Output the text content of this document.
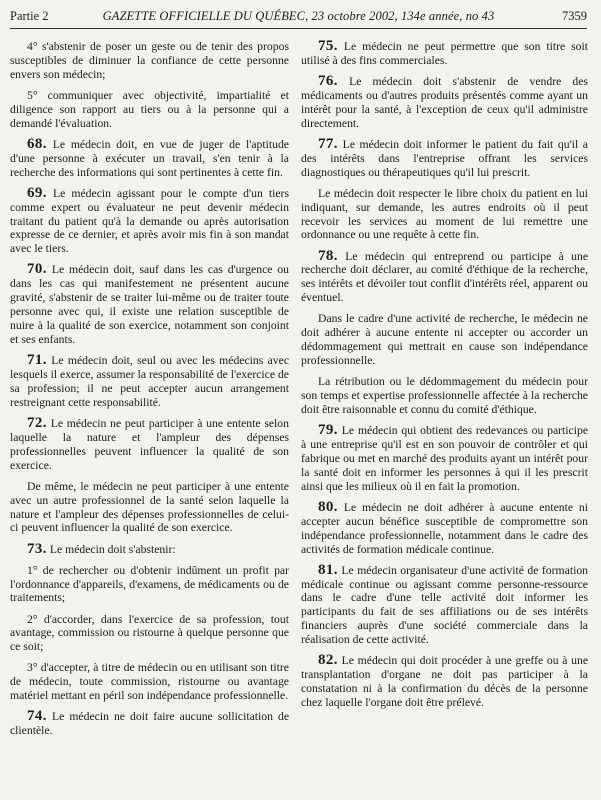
Partie 2	GAZETTE OFFICIELLE DU QUÉBEC, 23 octobre 2002, 134e année, no 43	7359

4° s'abstenir de poser un geste ou de tenir des propos susceptibles de diminuer la confiance de cette personne envers son médecin;

5° communiquer avec objectivité, impartialité et diligence son rapport au tiers ou à la personne qui a demandé l'évaluation.

68. Le médecin doit, en vue de juger de l'aptitude d'une personne à exécuter un travail, s'en tenir à la recherche des informations qui sont pertinentes à cette fin.

69. Le médecin agissant pour le compte d'un tiers comme expert ou évaluateur ne peut devenir médecin traitant du patient qu'à la demande ou après autorisation expresse de ce dernier, et après avoir mis fin à son mandat avec le tiers.

70. Le médecin doit, sauf dans les cas d'urgence ou dans les cas qui manifestement ne présentent aucune gravité, s'abstenir de se traiter lui-même ou de traiter toute personne avec qui, il existe une relation susceptible de nuire à la qualité de son exercice, notamment son conjoint et ses enfants.

71. Le médecin doit, seul ou avec les médecins avec lesquels il exerce, assumer la responsabilité de l'exercice de sa profession; il ne peut accepter aucun arrangement restreignant cette responsabilité.

72. Le médecin ne peut participer à une entente selon laquelle la nature et l'ampleur des dépenses professionnelles peuvent influencer la qualité de son exercice.

De même, le médecin ne peut participer à une entente avec un autre professionnel de la santé selon laquelle la nature et l'ampleur des dépenses professionnelles de celui-ci peuvent influencer la qualité de son exercice.

73. Le médecin doit s'abstenir:

1° de rechercher ou d'obtenir indûment un profit par l'ordonnance d'appareils, d'examens, de médicaments ou de traitements;

2° d'accorder, dans l'exercice de sa profession, tout avantage, commission ou ristourne à quelque personne que ce soit;

3° d'accepter, à titre de médecin ou en utilisant son titre de médecin, toute commission, ristourne ou avantage matériel mettant en péril son indépendance professionnelle.

74. Le médecin ne doit faire aucune sollicitation de clientèle.

75. Le médecin ne peut permettre que son titre soit utilisé à des fins commerciales.

76. Le médecin doit s'abstenir de vendre des médicaments ou d'autres produits présentés comme ayant un intérêt pour la santé, à l'exception de ceux qu'il administre directement.

77. Le médecin doit informer le patient du fait qu'il a des intérêts dans l'entreprise offrant les services diagnostiques ou thérapeutiques qu'il lui prescrit.

Le médecin doit respecter le libre choix du patient en lui indiquant, sur demande, les autres endroits où il peut recevoir les services au moment de lui remettre une ordonnance ou une requête à cette fin.

78. Le médecin qui entreprend ou participe à une recherche doit déclarer, au comité d'éthique de la recherche, ses intérêts et dévoiler tout conflit d'intérêts réel, apparent ou éventuel.

Dans le cadre d'une activité de recherche, le médecin ne doit adhérer à aucune entente ni accepter ou accorder un dédommagement qui mettrait en cause son indépendance professionnelle.

La rétribution ou le dédommagement du médecin pour son temps et expertise professionnelle affectée à la recherche doit être raisonnable et connu du comité d'éthique.

79. Le médecin qui obtient des redevances ou participe à une entreprise qu'il est en son pouvoir de contrôler et qui fabrique ou met en marché des produits ayant un intérêt pour la santé doit en informer les personnes à qui il les prescrit ainsi que les milieux où il en fait la promotion.

80. Le médecin ne doit adhérer à aucune entente ni accepter aucun bénéfice susceptible de compromettre son indépendance professionnelle, notamment dans le cadre des activités de formation médicale continue.

81. Le médecin organisateur d'une activité de formation médicale continue ou agissant comme personne-ressource dans le cadre d'une telle activité doit informer les participants du fait de ses affiliations ou de ses intérêts financiers auprès d'une société commerciale dans la réalisation de cette activité.

82. Le médecin qui doit procéder à une greffe ou à une transplantation d'organe ne doit pas participer à la constatation ni à la confirmation du décès de la personne chez laquelle l'organe doit être prélevé.
